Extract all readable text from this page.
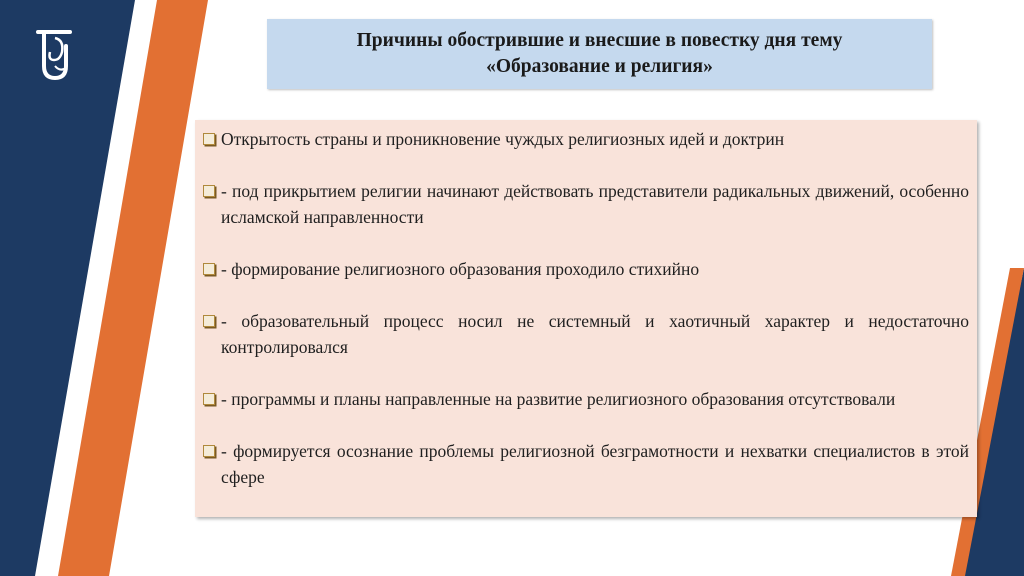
Причины обострившие и внесшие в повестку дня тему
«Образование и религия»
Открытость страны и проникновение чуждых религиозных идей и доктрин
- под прикрытием религии начинают действовать представители радикальных движений, особенно исламской направленности
- формирование религиозного образования проходило стихийно
- образовательный процесс носил не системный и хаотичный характер и недостаточно контролировался
- программы и планы направленные на развитие религиозного образования отсутствовали
- формируется осознание проблемы религиозной безграмотности и нехватки специалистов в этой сфере
